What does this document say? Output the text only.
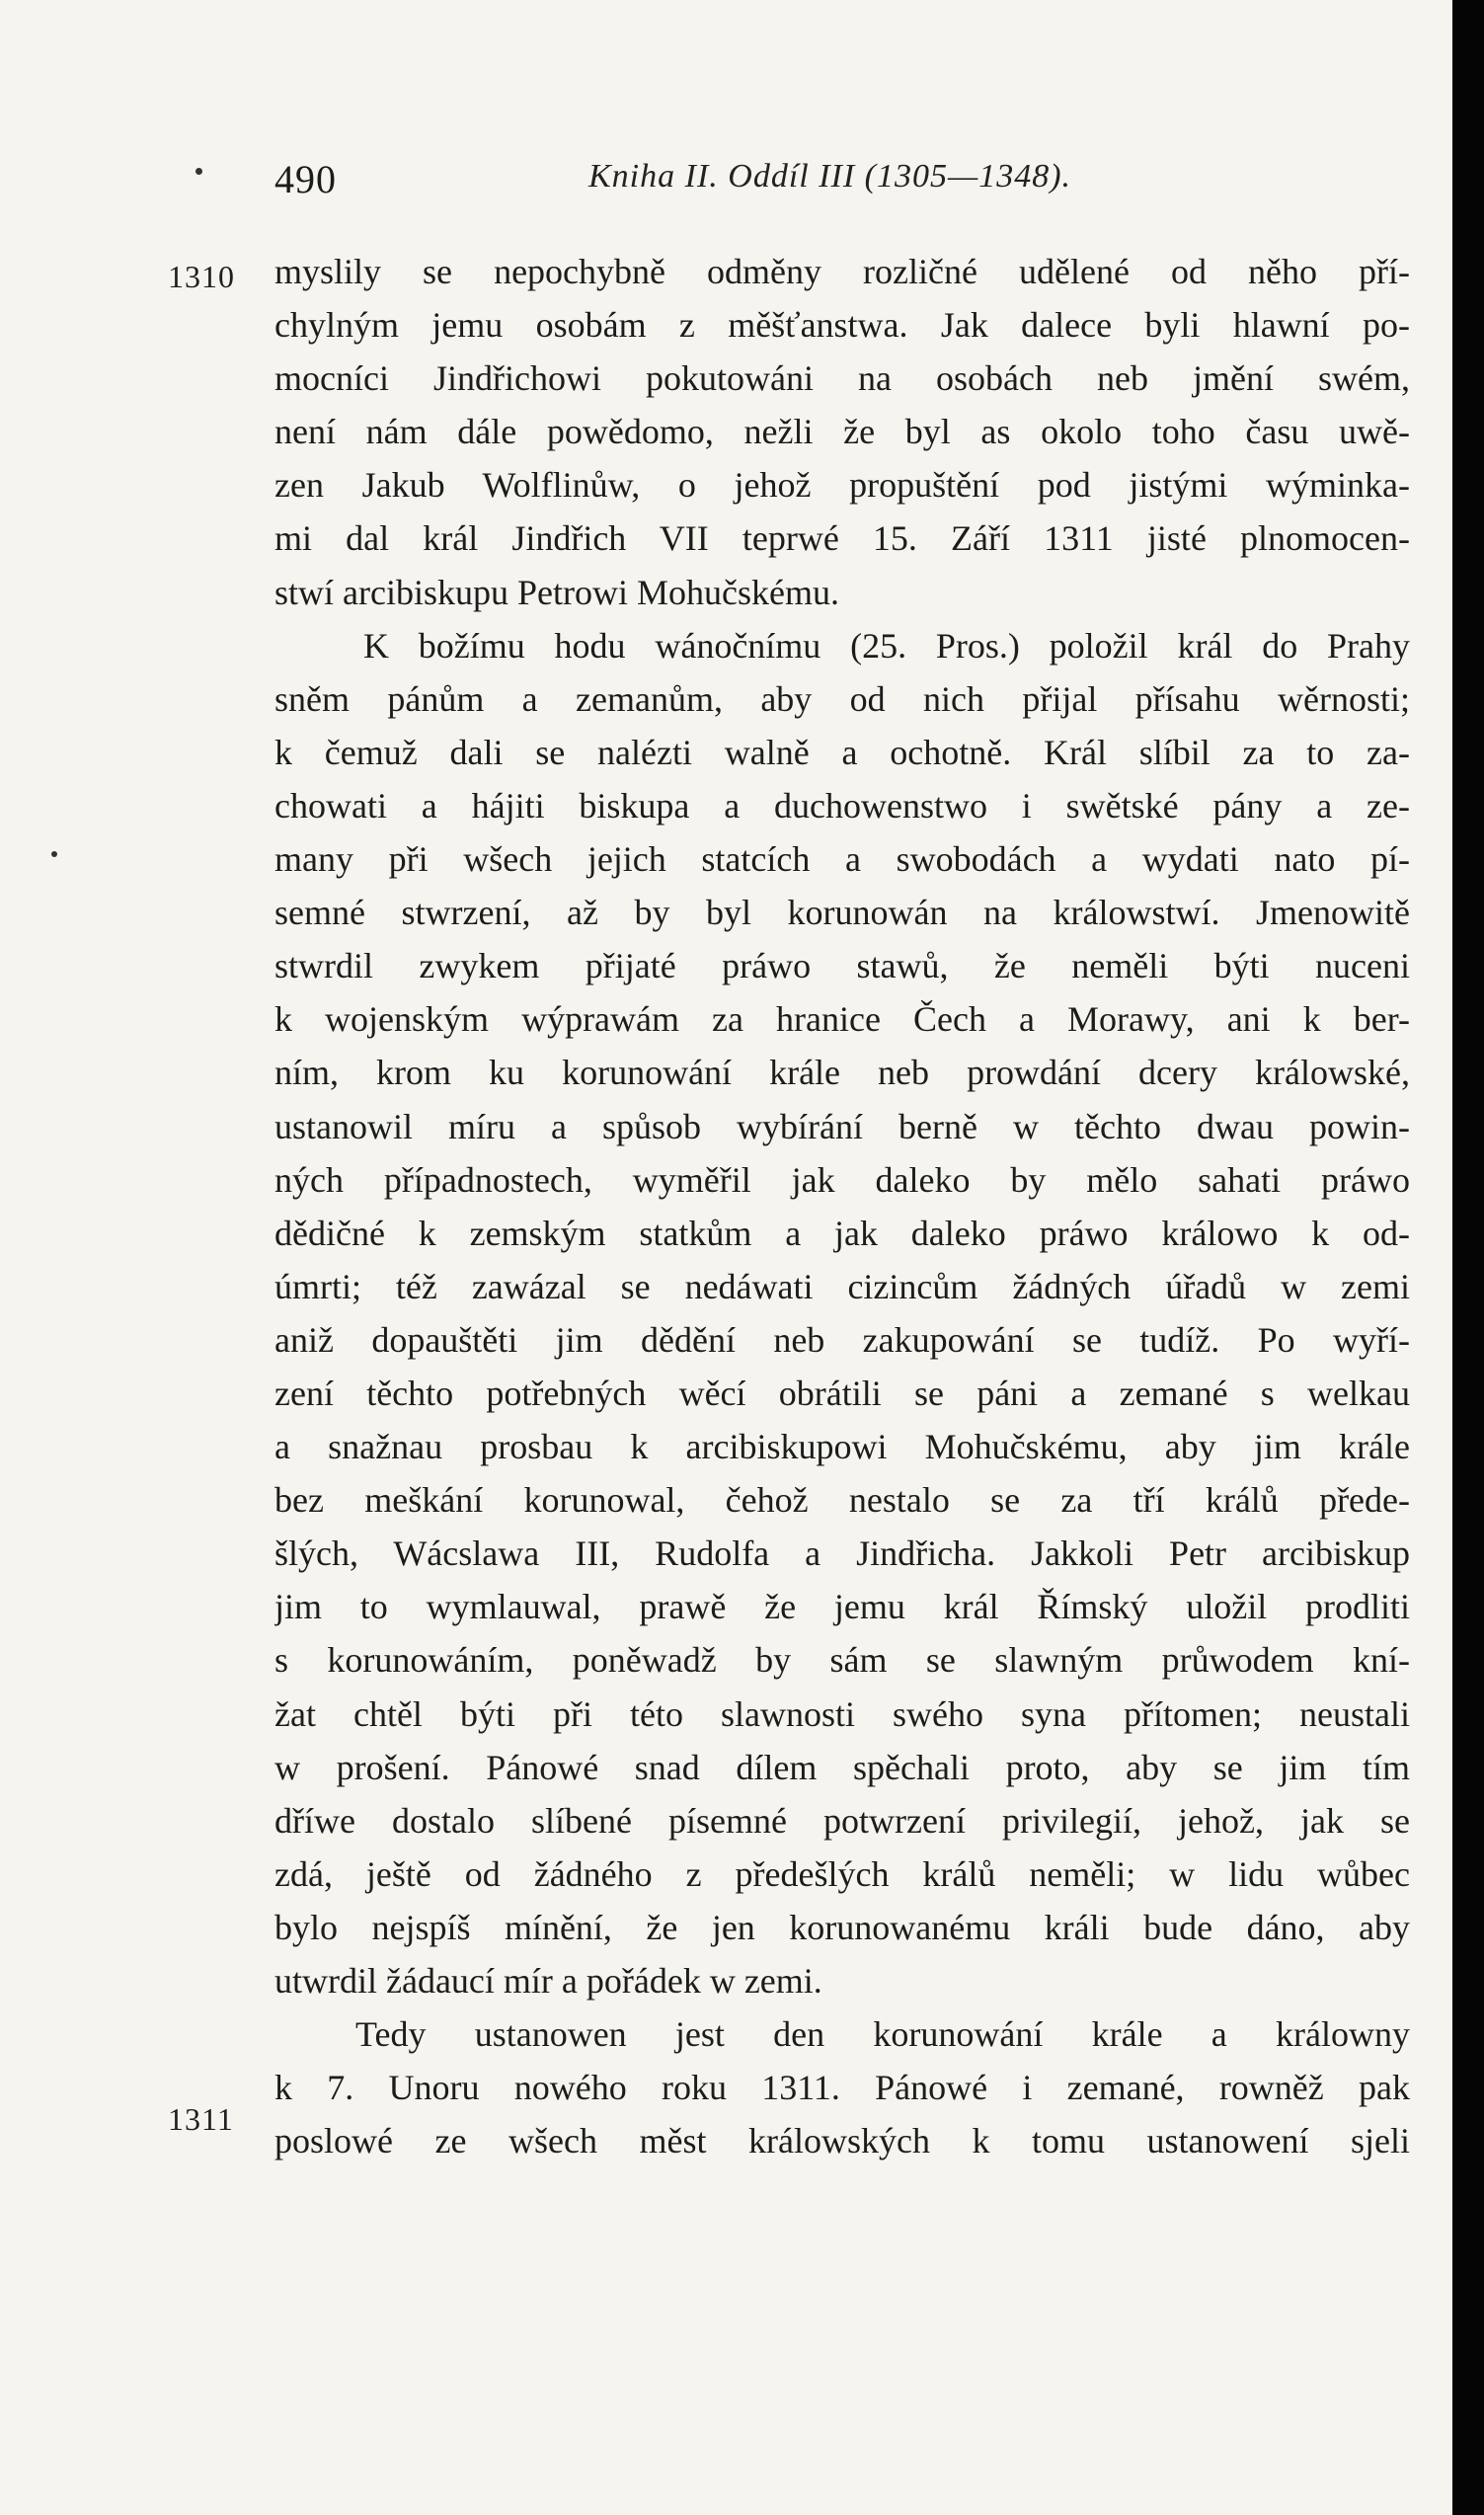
490	Kniha II. Oddíl III (1305—1348).
1310
1311
myslily se nepochybně odměny rozličné udělené od něho pří-
chylným jemu osobám z měšťanstwa. Jak dalece byli hlawní po-
mocníci Jindřichowi pokutowáni na osobách neb jmění swém,
není nám dále powědomo, nežli že byl as okolo toho času uwě-
zen Jakub Wolflinůw, o jehož propuštění pod jistými wýminka-
mi dal král Jindřich VII teprwé 15. Září 1311 jisté plnomocen-
stwí arcibiskupu Petrowi Mohučskému.
K božímu hodu wánočnímu (25. Pros.) položil král do Prahy
sněm pánům a zemanům, aby od nich přijal přísahu wěrnosti;
k čemuž dali se nalézti walně a ochotně. Král slíbil za to za-
chowati a hájiti biskupa a duchowenstwo i swětské pány a ze-
many při wšech jejich statcích a swobodách a wydati nato pí-
semné stwrzení, až by byl korunowán na králowstwí. Jmenowitě
stwrdil zwykem přijaté práwo stawů, že neměli býti nuceni
k wojenským wýprawám za hranice Čech a Morawy, ani k ber-
ním, krom ku korunowání krále neb prowdání dcery králowské,
ustanowil míru a spůsob wybírání berně w těchto dwau powin-
ných případnostech, wyměřil jak daleko by mělo sahati práwo
dědičné k zemským statkům a jak daleko práwo králowo k od-
úmrti; též zawázal se nedáwati cizincům žádných úřadů w zemi
aniž dopauštěti jim dědění neb zakupowání se tudíž. Po wyří-
zení těchto potřebných wěcí obrátili se páni a zemané s welkau
a snažnau prosbau k arcibiskupowi Mohučskému, aby jim krále
bez meškání korunowal, čehož nestalo se za tří králů přede-
šlých, Wácslawa III, Rudolfa a Jindřicha. Jakkoli Petr arcibiskup
jim to wymlauwal, prawě že jemu král Římský uložil prodliti
s korunowáním, poněwadž by sám se slawným průwodem kní-
žat chtěl býti při této slawnosti swého syna přítomen; neustali
w prošení. Pánowé snad dílem spěchali proto, aby se jim tím
dříwe dostalo slíbené písemné potwrzení privilegií, jehož, jak se
zdá, ještě od žádného z předešlých králů neměli; w lidu wůbec
bylo nejspíš mínění, že jen korunowanému králi bude dáno, aby
utwrdil žádaucí mír a pořádek w zemi.
Tedy ustanowen jest den korunowání krále a králowny
k 7. Unoru nowého roku 1311. Pánowé i zemané, rowněž pak
poslowé ze wšech měst králowských k tomu ustanowení sjeli
